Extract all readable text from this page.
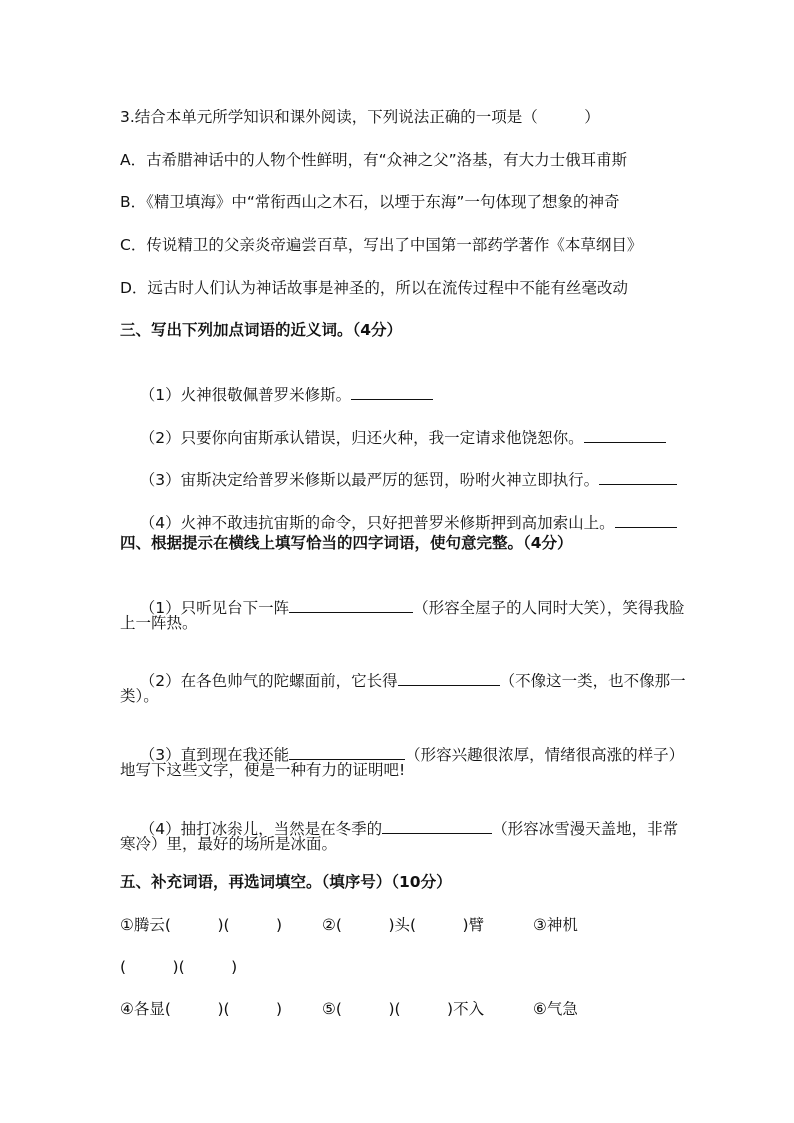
3.结合本单元所学知识和课外阅读，下列说法正确的一项是（　　　）
A．古希腊神话中的人物个性鲜明，有“众神之父”洛基，有大力士俄耳甫斯
B．《精卫填海》中“常衔西山之木石，以堙于东海”一句体现了想象的神奇
C．传说精卫的父亲炎帝遍尝百草，写出了中国第一部药学著作《本草纲目》
D．远古时人们认为神话故事是神圣的，所以在流传过程中不能有丝毫改动
三、写出下列加点词语的近义词。（4分）

（1）火神很敬佩普罗米修斯。

（2）只要你向宙斯承认错误，归还火种，我一定请求他饶恕你。

（3）宙斯决定给普罗米修斯以最严厉的惩罚，吩咐火神立即执行。

（4）火神不敢违抗宙斯的命令，只好把普罗米修斯押到高加索山上。

四、根据提示在横线上填写恰当的四字词语，使句意完整。（4分）

（1）只听见台下一阵	（形容全屋子的人同时大笑），笑得我脸

上一阵热。

（2）在各色帅气的陀螺面前，它长得	（不像这一类，也不像那一

类）。

（3）直到现在我还能	（形容兴趣很浓厚，情绪很高涨的样子）

地写下这些文字，便是一种有力的证明吧!

（4）抽打冰尜儿，当然是在冬季的	（形容冰雪漫天盖地，非常

寒冷）里，最好的场所是冰面。
五、补充词语，再选词填空。（填序号）（10分）
①腾云(　　　)(　　　)	②(　　　)头(　　　)臂	③神机
(　　　)(　　　)
④各显(　　　)(　　　)	⑤(　　　)(　　　)不入	⑥气急
